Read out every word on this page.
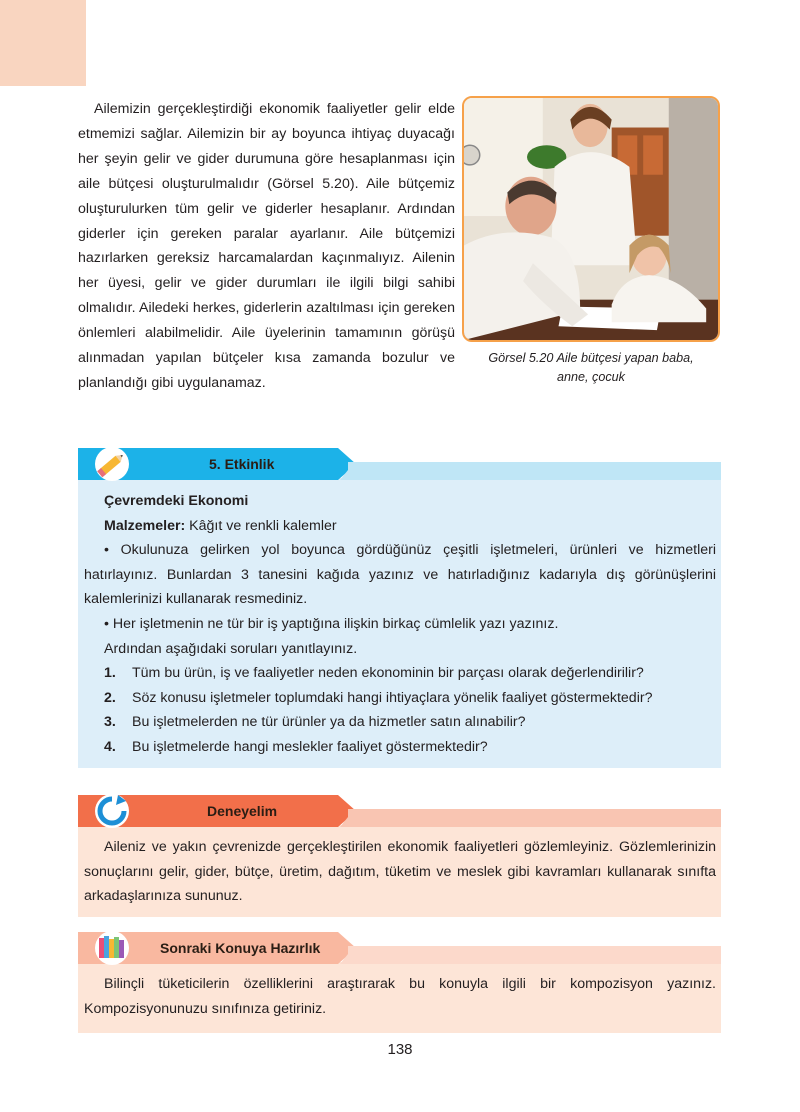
Ailemizin gerçekleştirdiği ekonomik faaliyetler gelir elde etmemizi sağlar. Ailemizin bir ay boyunca ihtiyaç duyacağı her şeyin gelir ve gider durumuna göre hesaplanması için aile bütçesi oluşturulmalıdır (Görsel 5.20). Aile bütçemiz oluşturulurken tüm gelir ve giderler hesaplanır. Ardından giderler için gereken paralar ayarlanır. Aile bütçemizi hazırlarken gereksiz harcamalardan kaçınmalıyız. Ailenin her üyesi, gelir ve gider durumları ile ilgili bilgi sahibi olmalıdır. Ailedeki herkes, giderlerin azaltılması için gereken önlemleri alabilmelidir. Aile üyelerinin tamamının görüşü alınmadan yapılan bütçeler kısa zamanda bozulur ve planlandığı gibi uygulanamaz.

Görsel 5.20 Aile bütçesi yapan baba,
anne, çocuk
5. Etkinlik
Çevremdeki Ekonomi
Malzemeler: Kâğıt ve renkli kalemler
• Okulunuza gelirken yol boyunca gördüğünüz çeşitli işletmeleri, ürünleri ve hizmetleri hatırlayınız. Bunlardan 3 tanesini kağıda yazınız ve hatırladığınız kadarıyla dış görünüşlerini kalemlerinizi kullanarak resmediniz.
• Her işletmenin ne tür bir iş yaptığına ilişkin birkaç cümlelik yazı yazınız.
Ardından aşağıdaki soruları yanıtlayınız.
1.	Tüm bu ürün, iş ve faaliyetler neden ekonominin bir parçası olarak değerlendirilir?
2.	Söz konusu işletmeler toplumdaki hangi ihtiyaçlara yönelik faaliyet göstermektedir?
3.	Bu işletmelerden ne tür ürünler ya da hizmetler satın alınabilir?
4.	Bu işletmelerde hangi meslekler faaliyet göstermektedir?
Deneyelim
Aileniz ve yakın çevrenizde gerçekleştirilen ekonomik faaliyetleri gözlemleyiniz. Gözlemlerinizin sonuçlarını gelir, gider, bütçe, üretim, dağıtım, tüketim ve meslek gibi kavramları kullanarak sınıfta arkadaşlarınıza sununuz.
Sonraki Konuya Hazırlık
Bilinçli tüketicilerin özelliklerini araştırarak bu konuyla ilgili bir kompozisyon yazınız. Kompozisyonunuzu sınıfınıza getiriniz.
138
